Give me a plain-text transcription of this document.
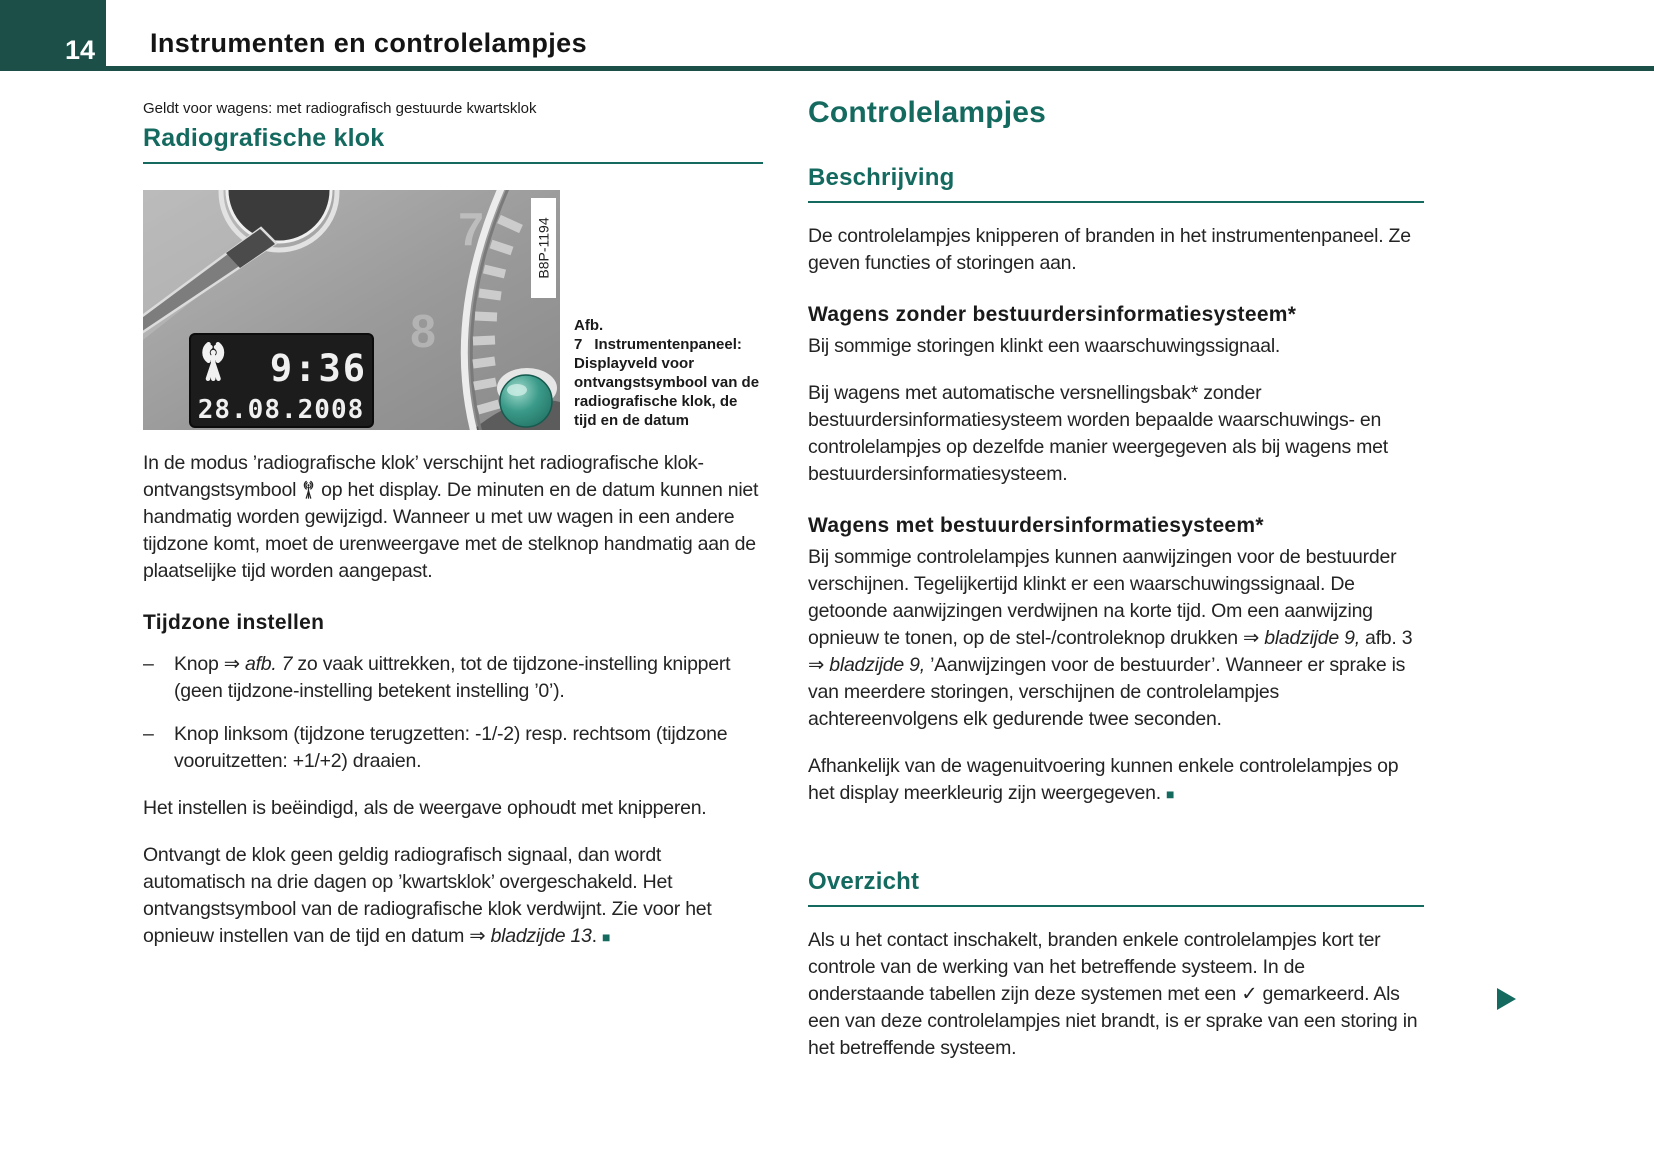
14 Instrumenten en controlelampjes

Geldt voor wagens: met radiografisch gestuurde kwartsklok

Radiografische klok
7
8
9:36
28.08.2008
B8P-1194
Afb. 7 Instrumentenpaneel: Displayveld voor ontvangstsymbool van de radiografische klok, de tijd en de datum

In de modus ’radiografische klok’ verschijnt het radiografische klok-ontvangstsymbool op het display. De minuten en de datum kunnen niet handmatig worden gewijzigd. Wanneer u met uw wagen in een andere tijdzone komt, moet de urenweergave met de stelknop handmatig aan de plaatselijke tijd worden aangepast.

Tijdzone instellen
–	Knop ⇒ afb. 7 zo vaak uittrekken, tot de tijdzone-instelling knippert (geen tijdzone-instelling betekent instelling ’0’).
–	Knop linksom (tijdzone terugzetten: -1/-2) resp. rechtsom (tijdzone vooruitzetten: +1/+2) draaien.

Het instellen is beëindigd, als de weergave ophoudt met knipperen.

Ontvangt de klok geen geldig radiografisch signaal, dan wordt automatisch na drie dagen op ’kwartsklok’ overgeschakeld. Het ontvangstsymbool van de radiografische klok verdwijnt. Zie voor het opnieuw instellen van de tijd en datum ⇒ bladzijde 13. ■

Controlelampjes
Beschrijving

De controlelampjes knipperen of branden in het instrumentenpaneel. Ze geven functies of storingen aan.

Wagens zonder bestuurdersinformatiesysteem*

Bij sommige storingen klinkt een waarschuwingssignaal.

Bij wagens met automatische versnellingsbak* zonder bestuurdersinformatiesysteem worden bepaalde waarschuwings- en controlelampjes op dezelfde manier weergegeven als bij wagens met bestuurdersinformatiesysteem.

Wagens met bestuurdersinformatiesysteem*

Bij sommige controlelampjes kunnen aanwijzingen voor de bestuurder verschijnen. Tegelijkertijd klinkt er een waarschuwingssignaal. De getoonde aanwijzingen verdwijnen na korte tijd. Om een aanwijzing opnieuw te tonen, op de stel-/controleknop drukken ⇒ bladzijde 9, afb. 3 ⇒ bladzijde 9, ’Aanwijzingen voor de bestuurder’. Wanneer er sprake is van meerdere storingen, verschijnen de controlelampjes achtereenvolgens elk gedurende twee seconden.

Afhankelijk van de wagenuitvoering kunnen enkele controlelampjes op het display meerkleurig zijn weergegeven. ■

Overzicht

Als u het contact inschakelt, branden enkele controlelampjes kort ter controle van de werking van het betreffende systeem. In de onderstaande tabellen zijn deze systemen met een ✓ gemarkeerd. Als een van deze controlelampjes niet brandt, is er sprake van een storing in het betreffende systeem.
